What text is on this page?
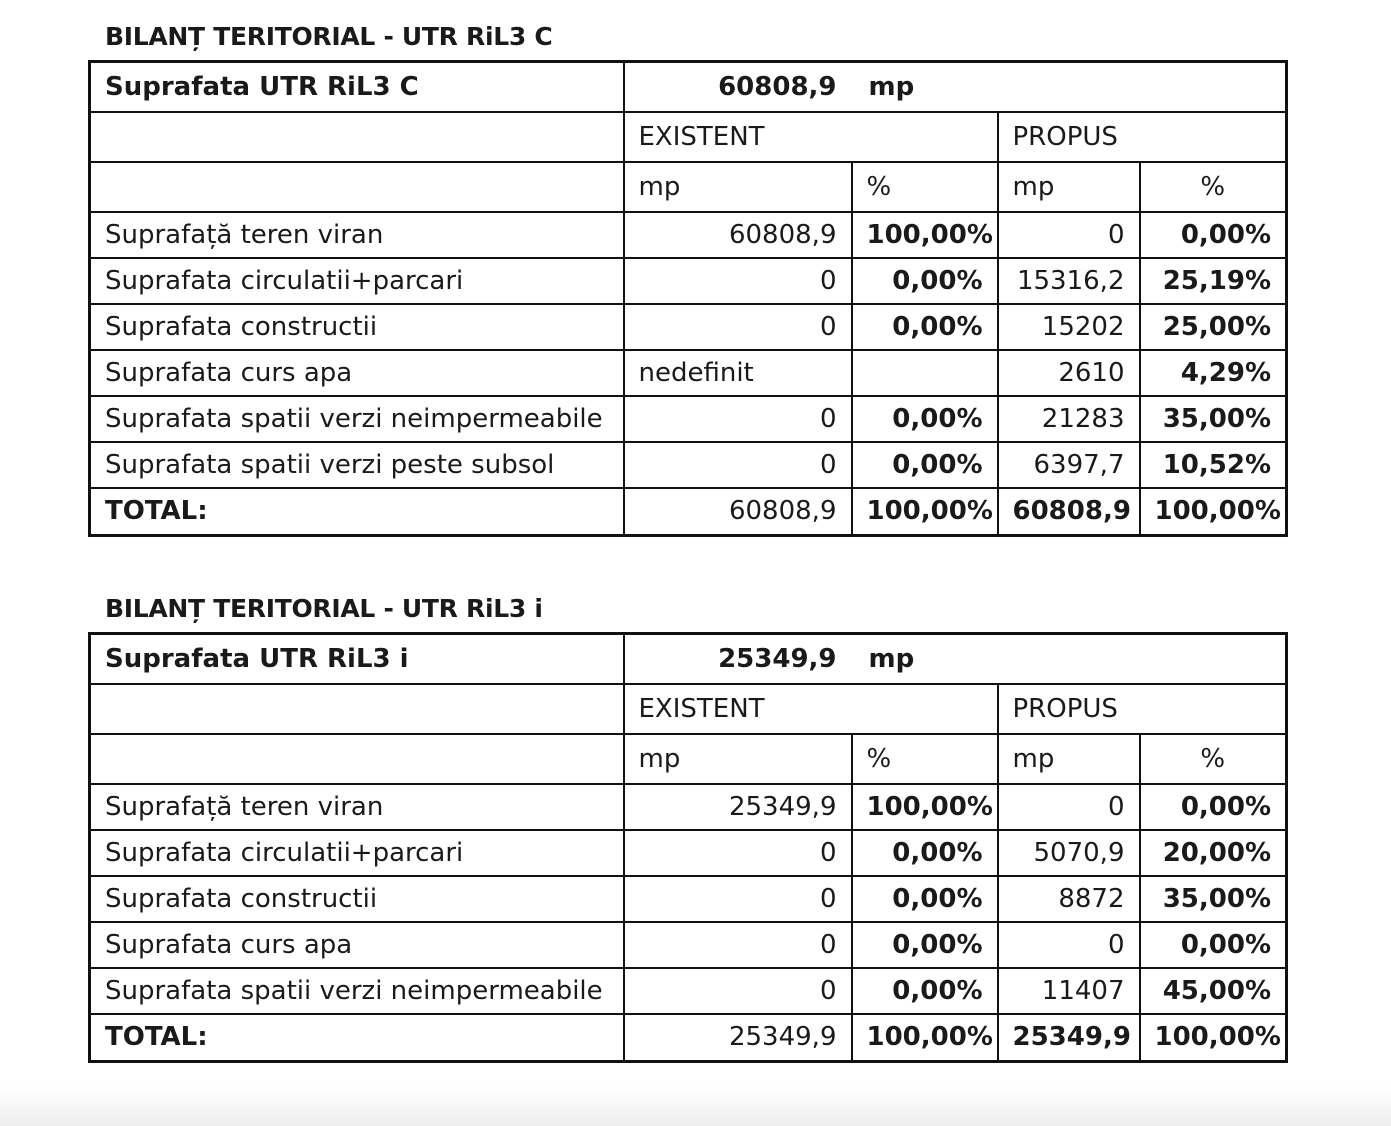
BILANȚ TERITORIAL - UTR RiL3 C
Suprafata UTR RiL3 C	60808,9 mp			
	EXISTENT		PROPUS	
	mp	%	mp	%
Suprafață teren viran	60808,9	100,00%	0	0,00%
Suprafata circulatii+parcari	0	0,00%	15316,2	25,19%
Suprafata constructii	0	0,00%	15202	25,00%
Suprafata curs apa	nedefinit		2610	4,29%
Suprafata spatii verzi neimpermeabile	0	0,00%	21283	35,00%
Suprafata spatii verzi peste subsol	0	0,00%	6397,7	10,52%
TOTAL:	60808,9	100,00%	60808,9	100,00%
BILANȚ TERITORIAL - UTR RiL3 i
Suprafata UTR RiL3 i	25349,9 mp			
	EXISTENT		PROPUS	
	mp	%	mp	%
Suprafață teren viran	25349,9	100,00%	0	0,00%
Suprafata circulatii+parcari	0	0,00%	5070,9	20,00%
Suprafata constructii	0	0,00%	8872	35,00%
Suprafata curs apa	0	0,00%	0	0,00%
Suprafata spatii verzi neimpermeabile	0	0,00%	11407	45,00%
TOTAL:	25349,9	100,00%	25349,9	100,00%
